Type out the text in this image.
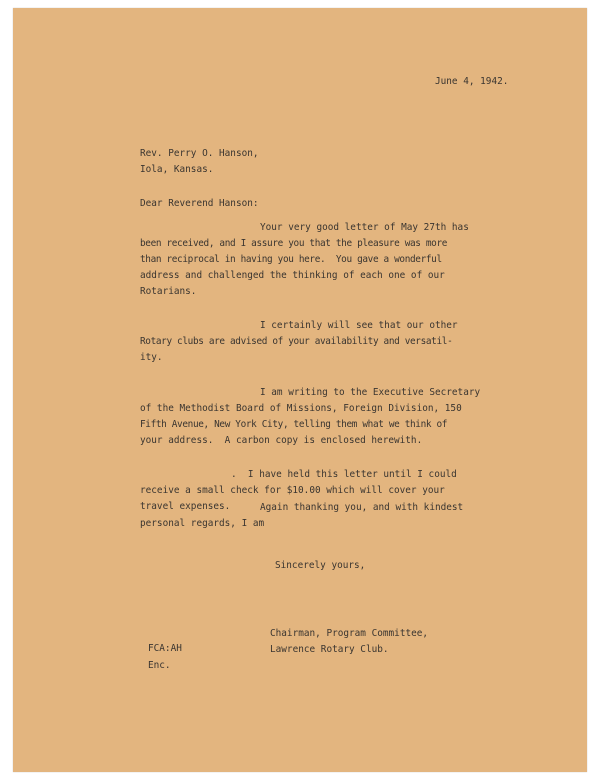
June 4, 1942.
Rev. Perry O. Hanson,
Iola, Kansas.
Dear Reverend Hanson:
Your very good letter of May 27th has
been received, and I assure you that the pleasure was more
than reciprocal in having you here.  You gave a wonderful
address and challenged the thinking of each one of our
Rotarians.
I certainly will see that our other
Rotary clubs are advised of your availability and versatil-
ity.
I am writing to the Executive Secretary
of the Methodist Board of Missions, Foreign Division, 150
Fifth Avenue, New York City, telling them what we think of
your address.  A carbon copy is enclosed herewith.
.  I have held this letter until I could
receive a small check for $10.00 which will cover your
travel expenses.	Again thanking you, and with kindest
personal regards, I am
Sincerely yours,
Chairman, Program Committee,
Lawrence Rotary Club.
FCA:AH
Enc.
